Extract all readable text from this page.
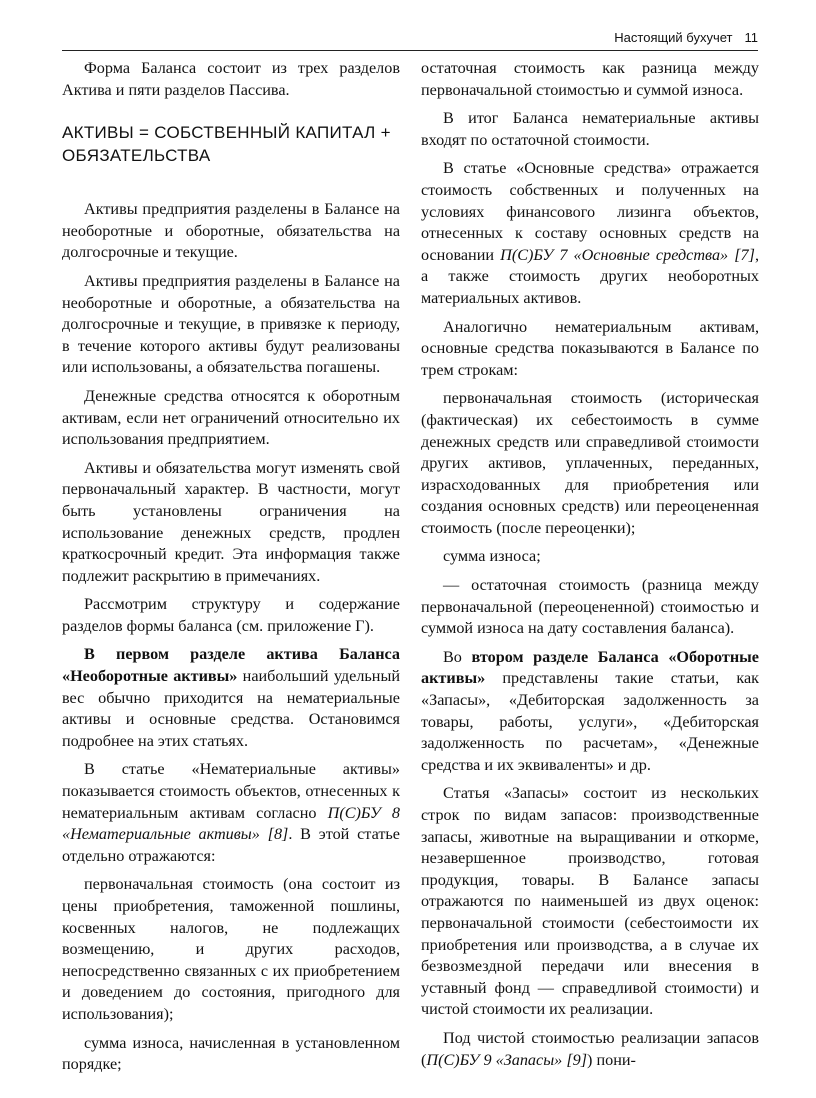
Настоящий бухучет 11

Форма Баланса состоит из трех разделов Актива и пяти разделов Пассива.

АКТИВЫ = СОБСТВЕННЫЙ КАПИТАЛ + ОБЯЗАТЕЛЬСТВА

Активы предприятия разделены в Балансе на необоротные и оборотные, обязательства на долгосрочные и текущие.

Активы предприятия разделены в Балансе на необоротные и оборотные, а обязательства на долгосрочные и текущие, в привязке к периоду, в течение которого активы будут реализованы или использованы, а обязательства погашены.

Денежные средства относятся к оборотным активам, если нет ограничений относительно их использования предприятием.

Активы и обязательства могут изменять свой первоначальный характер. В частности, могут быть установлены ограничения на использование денежных средств, продлен краткосрочный кредит. Эта информация также подлежит раскрытию в примечаниях.

Рассмотрим структуру и содержание разделов формы баланса (см. приложение Г).

В первом разделе актива Баланса «Необоротные активы» наибольший удельный вес обычно приходится на нематериальные активы и основные средства. Остановимся подробнее на этих статьях.

В статье «Нематериальные активы» показывается стоимость объектов, отнесенных к нематериальным активам согласно П(С)БУ 8 «Нематериальные активы» [8]. В этой статье отдельно отражаются:

первоначальная стоимость (она состоит из цены приобретения, таможенной пошлины, косвенных налогов, не подлежащих возмещению, и других расходов, непосредственно связанных с их приобретением и доведением до состояния, пригодного для использования);

сумма износа, начисленная в установленном порядке;

остаточная стоимость как разница между первоначальной стоимостью и суммой износа.

В итог Баланса нематериальные активы входят по остаточной стоимости.

В статье «Основные средства» отражается стоимость собственных и полученных на условиях финансового лизинга объектов, отнесенных к составу основных средств на основании П(С)БУ 7 «Основные средства» [7], а также стоимость других необоротных материальных активов.

Аналогично нематериальным активам, основные средства показываются в Балансе по трем строкам:

первоначальная стоимость (историческая (фактическая) их себестоимость в сумме денежных средств или справедливой стоимости других активов, уплаченных, переданных, израсходованных для приобретения или создания основных средств) или переоцененная стоимость (после переоценки);

сумма износа;

— остаточная стоимость (разница между первоначальной (переоцененной) стоимостью и суммой износа на дату составления баланса).

Во втором разделе Баланса «Оборотные активы» представлены такие статьи, как «Запасы», «Дебиторская задолженность за товары, работы, услуги», «Дебиторская задолженность по расчетам», «Денежные средства и их эквиваленты» и др.

Статья «Запасы» состоит из нескольких строк по видам запасов: производственные запасы, животные на выращивании и откорме, незавершенное производство, готовая продукция, товары. В Балансе запасы отражаются по наименьшей из двух оценок: первоначальной стоимости (себестоимости их приобретения или производства, а в случае их безвозмездной передачи или внесения в уставный фонд — справедливой стоимости) и чистой стоимости их реализации.

Под чистой стоимостью реализации запасов (П(С)БУ 9 «Запасы» [9]) пони-
